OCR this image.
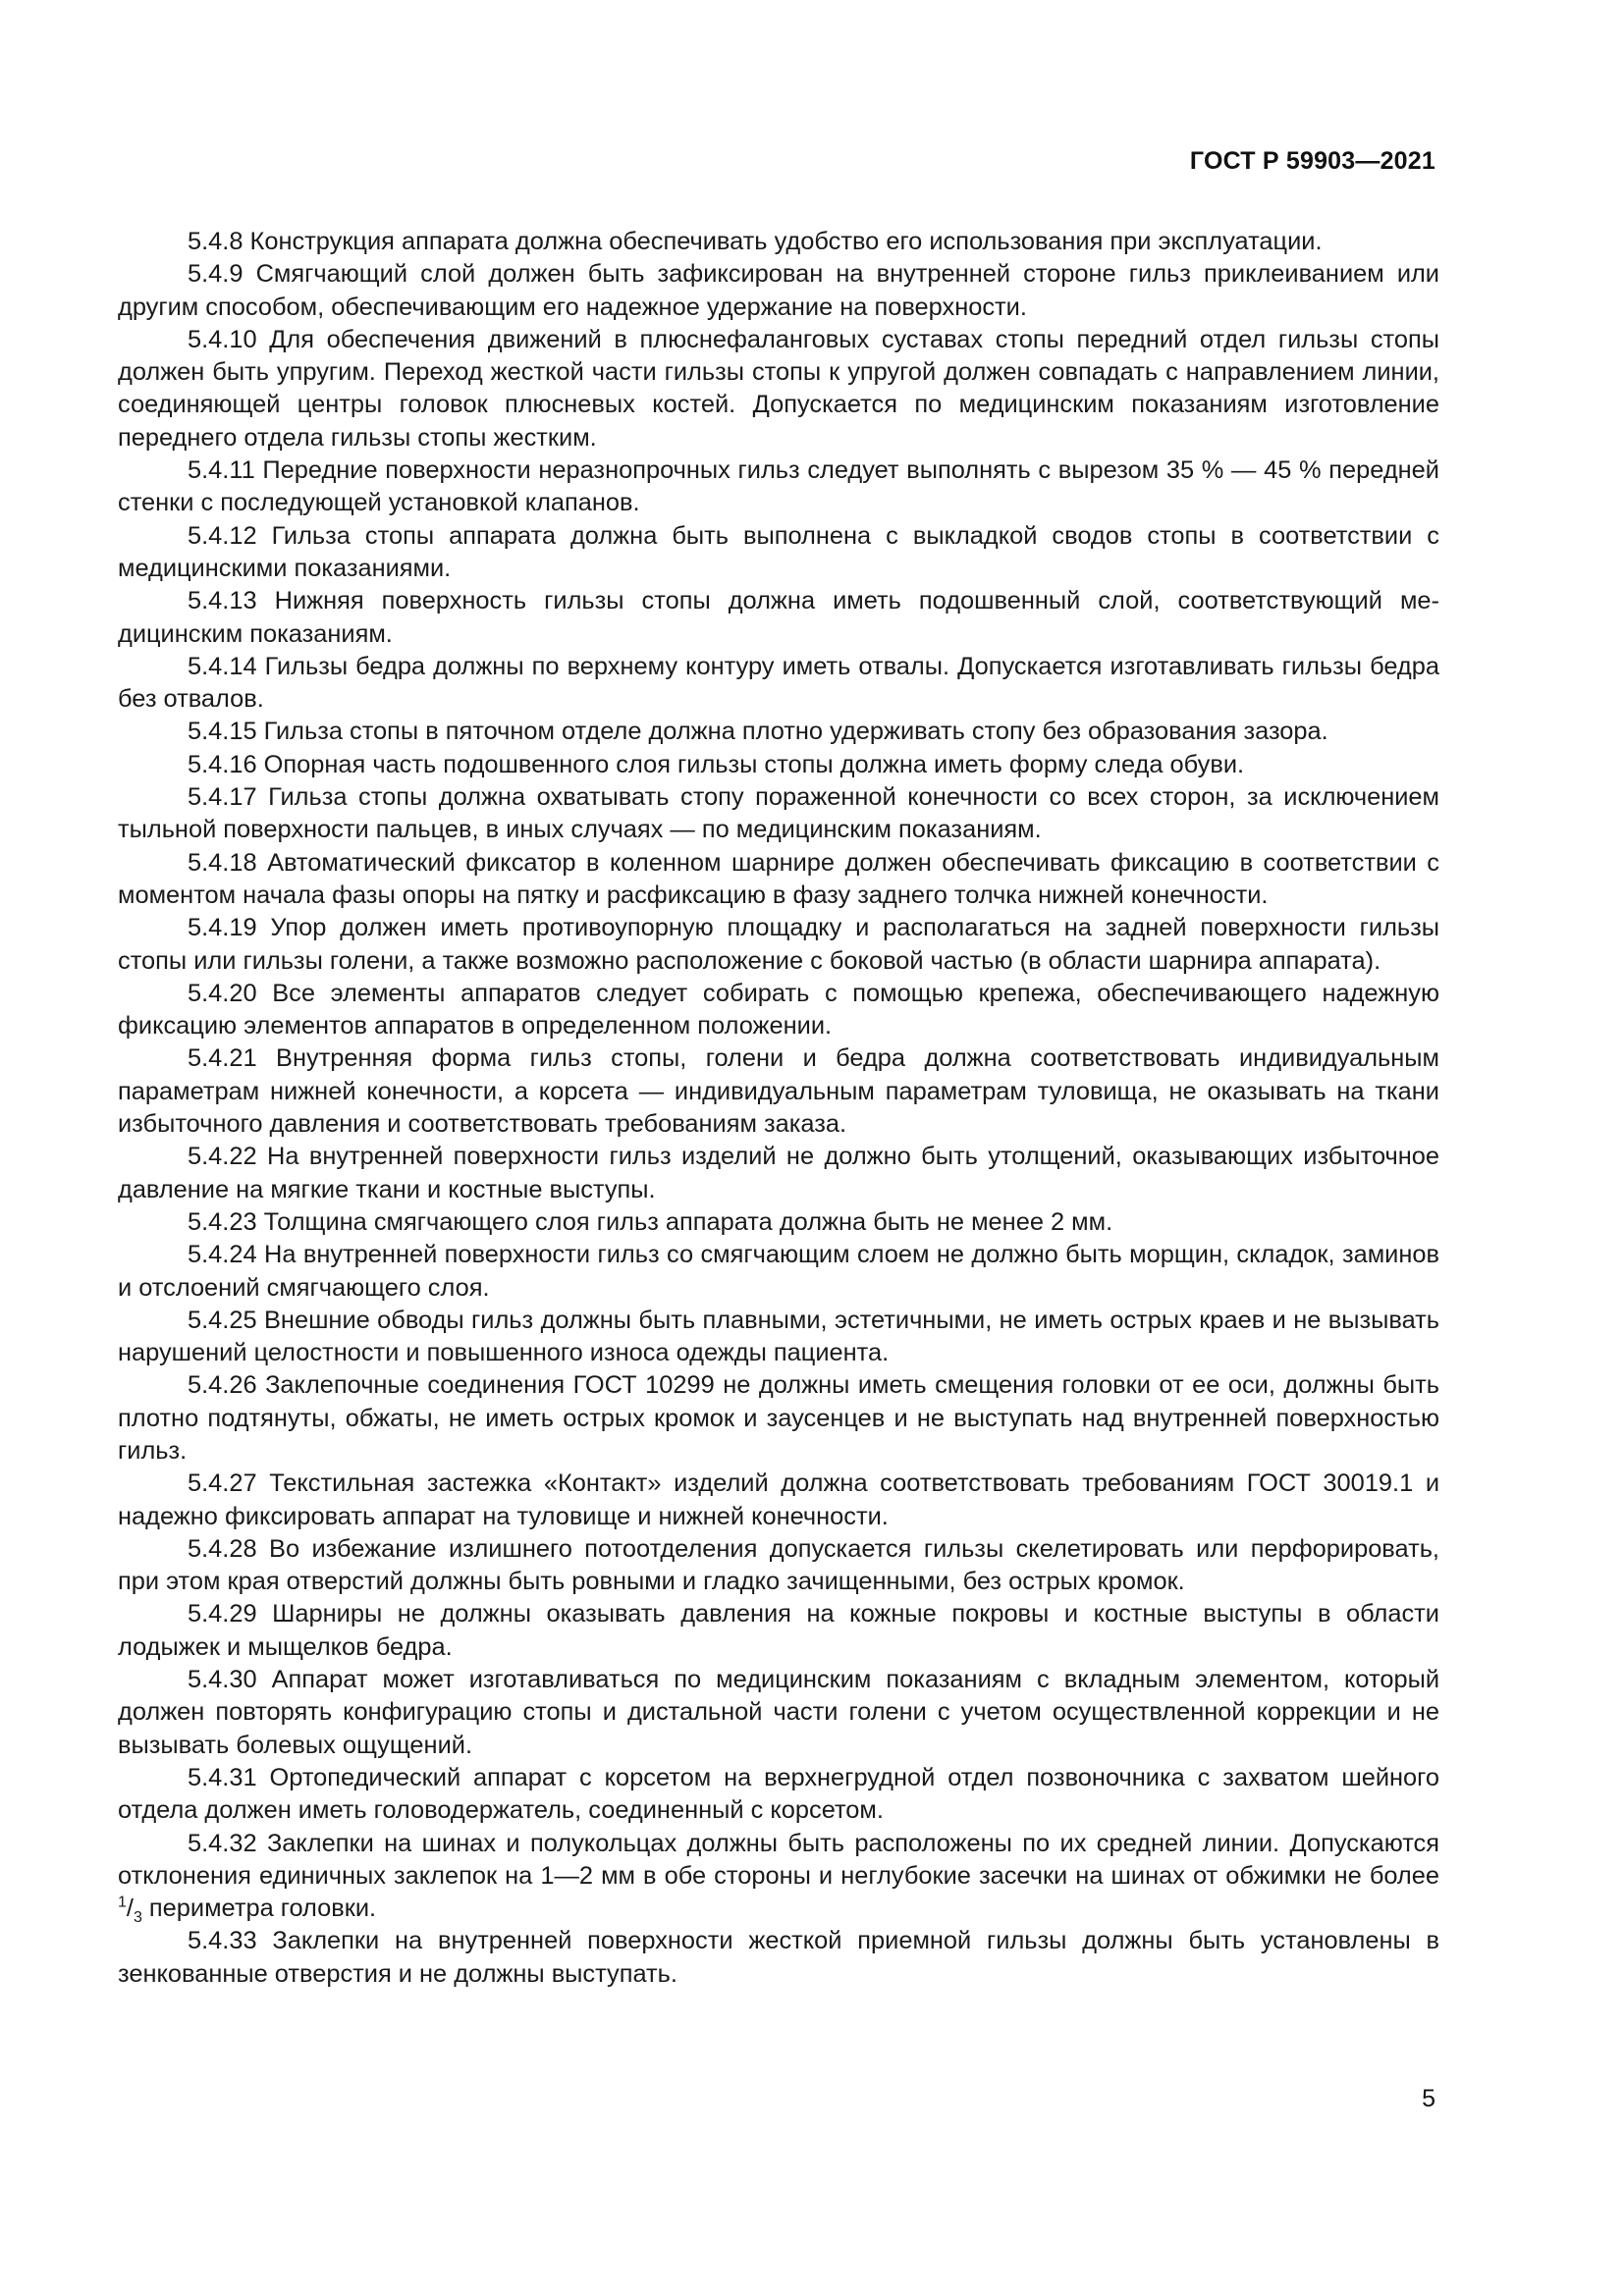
ГОСТ Р 59903—2021

5.4.8 Конструкция аппарата должна обеспечивать удобство его использования при эксплуатации.

5.4.9 Смягчающий слой должен быть зафиксирован на внутренней стороне гильз приклеиванием или другим способом, обеспечивающим его надежное удержание на поверхности.

5.4.10 Для обеспечения движений в плюснефаланговых суставах стопы передний отдел гильзы стопы должен быть упругим. Переход жесткой части гильзы стопы к упругой должен совпадать с направлением линии, соединяющей центры головок плюсневых костей. Допускается по медицинским показаниям изготовление переднего отдела гильзы стопы жестким.

5.4.11 Передние поверхности неразнопрочных гильз следует выполнять с вырезом 35 % — 45 % передней стенки с последующей установкой клапанов.

5.4.12 Гильза стопы аппарата должна быть выполнена с выкладкой сводов стопы в соответствии с медицинскими показаниями.

5.4.13 Нижняя поверхность гильзы стопы должна иметь подошвенный слой, соответствующий медицинским показаниям.

5.4.14 Гильзы бедра должны по верхнему контуру иметь отвалы. Допускается изготавливать гильзы бедра без отвалов.

5.4.15 Гильза стопы в пяточном отделе должна плотно удерживать стопу без образования зазора.

5.4.16 Опорная часть подошвенного слоя гильзы стопы должна иметь форму следа обуви.

5.4.17 Гильза стопы должна охватывать стопу пораженной конечности со всех сторон, за исключением тыльной поверхности пальцев, в иных случаях — по медицинским показаниям.

5.4.18 Автоматический фиксатор в коленном шарнире должен обеспечивать фиксацию в соответствии с моментом начала фазы опоры на пятку и расфиксацию в фазу заднего толчка нижней конечности.

5.4.19 Упор должен иметь противоупорную площадку и располагаться на задней поверхности гильзы стопы или гильзы голени, а также возможно расположение с боковой частью (в области шарнира аппарата).

5.4.20 Все элементы аппаратов следует собирать с помощью крепежа, обеспечивающего надежную фиксацию элементов аппаратов в определенном положении.

5.4.21 Внутренняя форма гильз стопы, голени и бедра должна соответствовать индивидуальным параметрам нижней конечности, а корсета — индивидуальным параметрам туловища, не оказывать на ткани избыточного давления и соответствовать требованиям заказа.

5.4.22 На внутренней поверхности гильз изделий не должно быть утолщений, оказывающих избыточное давление на мягкие ткани и костные выступы.

5.4.23 Толщина смягчающего слоя гильз аппарата должна быть не менее 2 мм.

5.4.24 На внутренней поверхности гильз со смягчающим слоем не должно быть морщин, складок, заминов и отслоений смягчающего слоя.

5.4.25 Внешние обводы гильз должны быть плавными, эстетичными, не иметь острых краев и не вызывать нарушений целостности и повышенного износа одежды пациента.

5.4.26 Заклепочные соединения ГОСТ 10299 не должны иметь смещения головки от ее оси, должны быть плотно подтянуты, обжаты, не иметь острых кромок и заусенцев и не выступать над внутренней поверхностью гильз.

5.4.27 Текстильная застежка «Контакт» изделий должна соответствовать требованиям ГОСТ 30019.1 и надежно фиксировать аппарат на туловище и нижней конечности.

5.4.28 Во избежание излишнего потоотделения допускается гильзы скелетировать или перфорировать, при этом края отверстий должны быть ровными и гладко зачищенными, без острых кромок.

5.4.29 Шарниры не должны оказывать давления на кожные покровы и костные выступы в области лодыжек и мыщелков бедра.

5.4.30 Аппарат может изготавливаться по медицинским показаниям с вкладным элементом, который должен повторять конфигурацию стопы и дистальной части голени с учетом осуществленной коррекции и не вызывать болевых ощущений.

5.4.31 Ортопедический аппарат с корсетом на верхнегрудной отдел позвоночника с захватом шейного отдела должен иметь головодержатель, соединенный с корсетом.

5.4.32 Заклепки на шинах и полукольцах должны быть расположены по их средней линии. Допускаются отклонения единичных заклепок на 1—2 мм в обе стороны и неглубокие засечки на шинах от обжимки не более $^1/_3$ периметра головки.

5.4.33 Заклепки на внутренней поверхности жесткой приемной гильзы должны быть установлены в зенкованные отверстия и не должны выступать.

5
